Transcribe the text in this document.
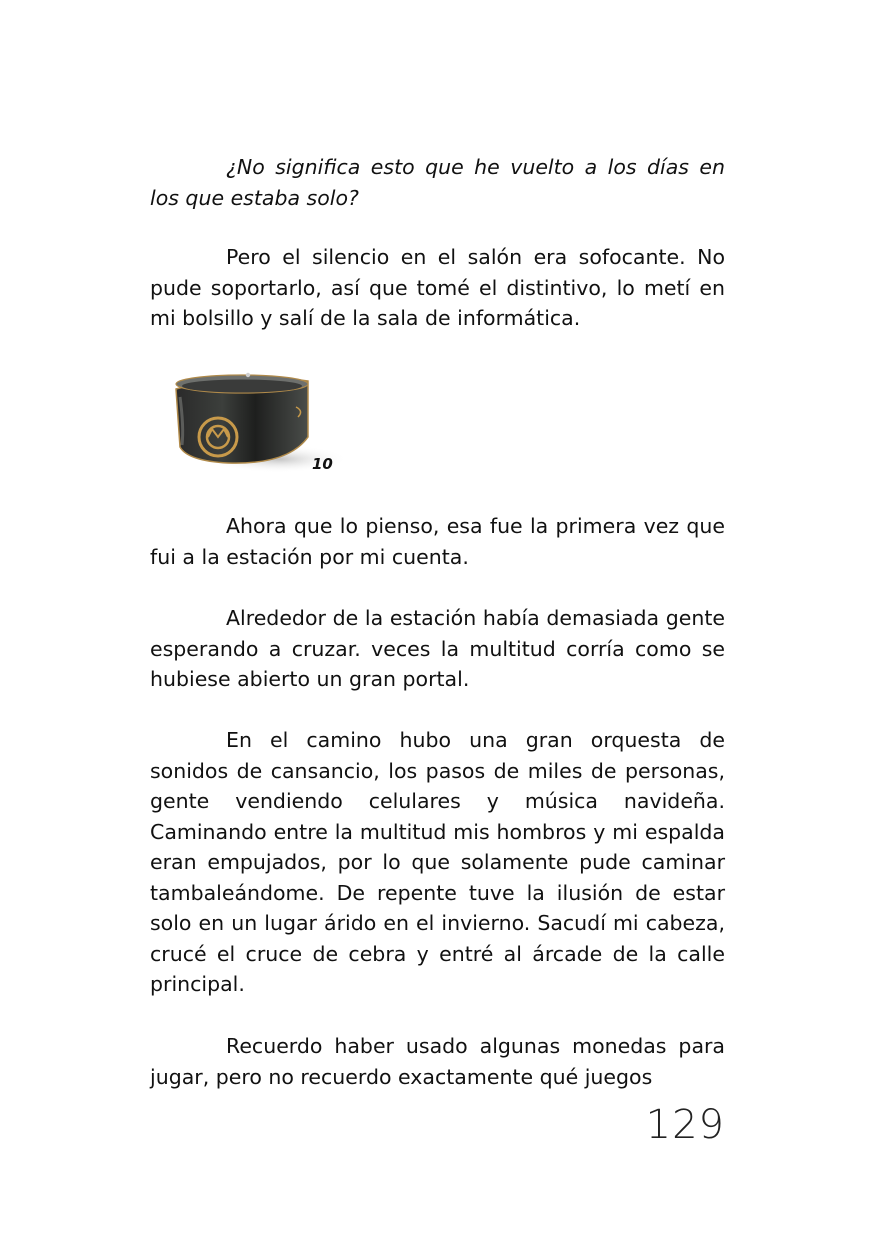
¿No significa esto que he vuelto a los días en los que estaba solo?

Pero el silencio en el salón era sofocante. No pude soportarlo, así que tomé el distintivo, lo metí en mi bolsillo y salí de la sala de informática.

10

Ahora que lo pienso, esa fue la primera vez que fui a la estación por mi cuenta.

Alrededor de la estación había demasiada gente esperando a cruzar. veces la multitud corría como se hubiese abierto un gran portal.

En el camino hubo una gran orquesta de sonidos de cansancio, los pasos de miles de personas, gente vendiendo celulares y música navideña. Caminando entre la multitud mis hombros y mi espalda eran empujados, por lo que solamente pude caminar tambaleándome. De repente tuve la ilusión de estar solo en un lugar árido en el invierno. Sacudí mi cabeza, crucé el cruce de cebra y entré al árcade de la calle principal.

Recuerdo haber usado algunas monedas para jugar, pero no recuerdo exactamente qué juegos

129
